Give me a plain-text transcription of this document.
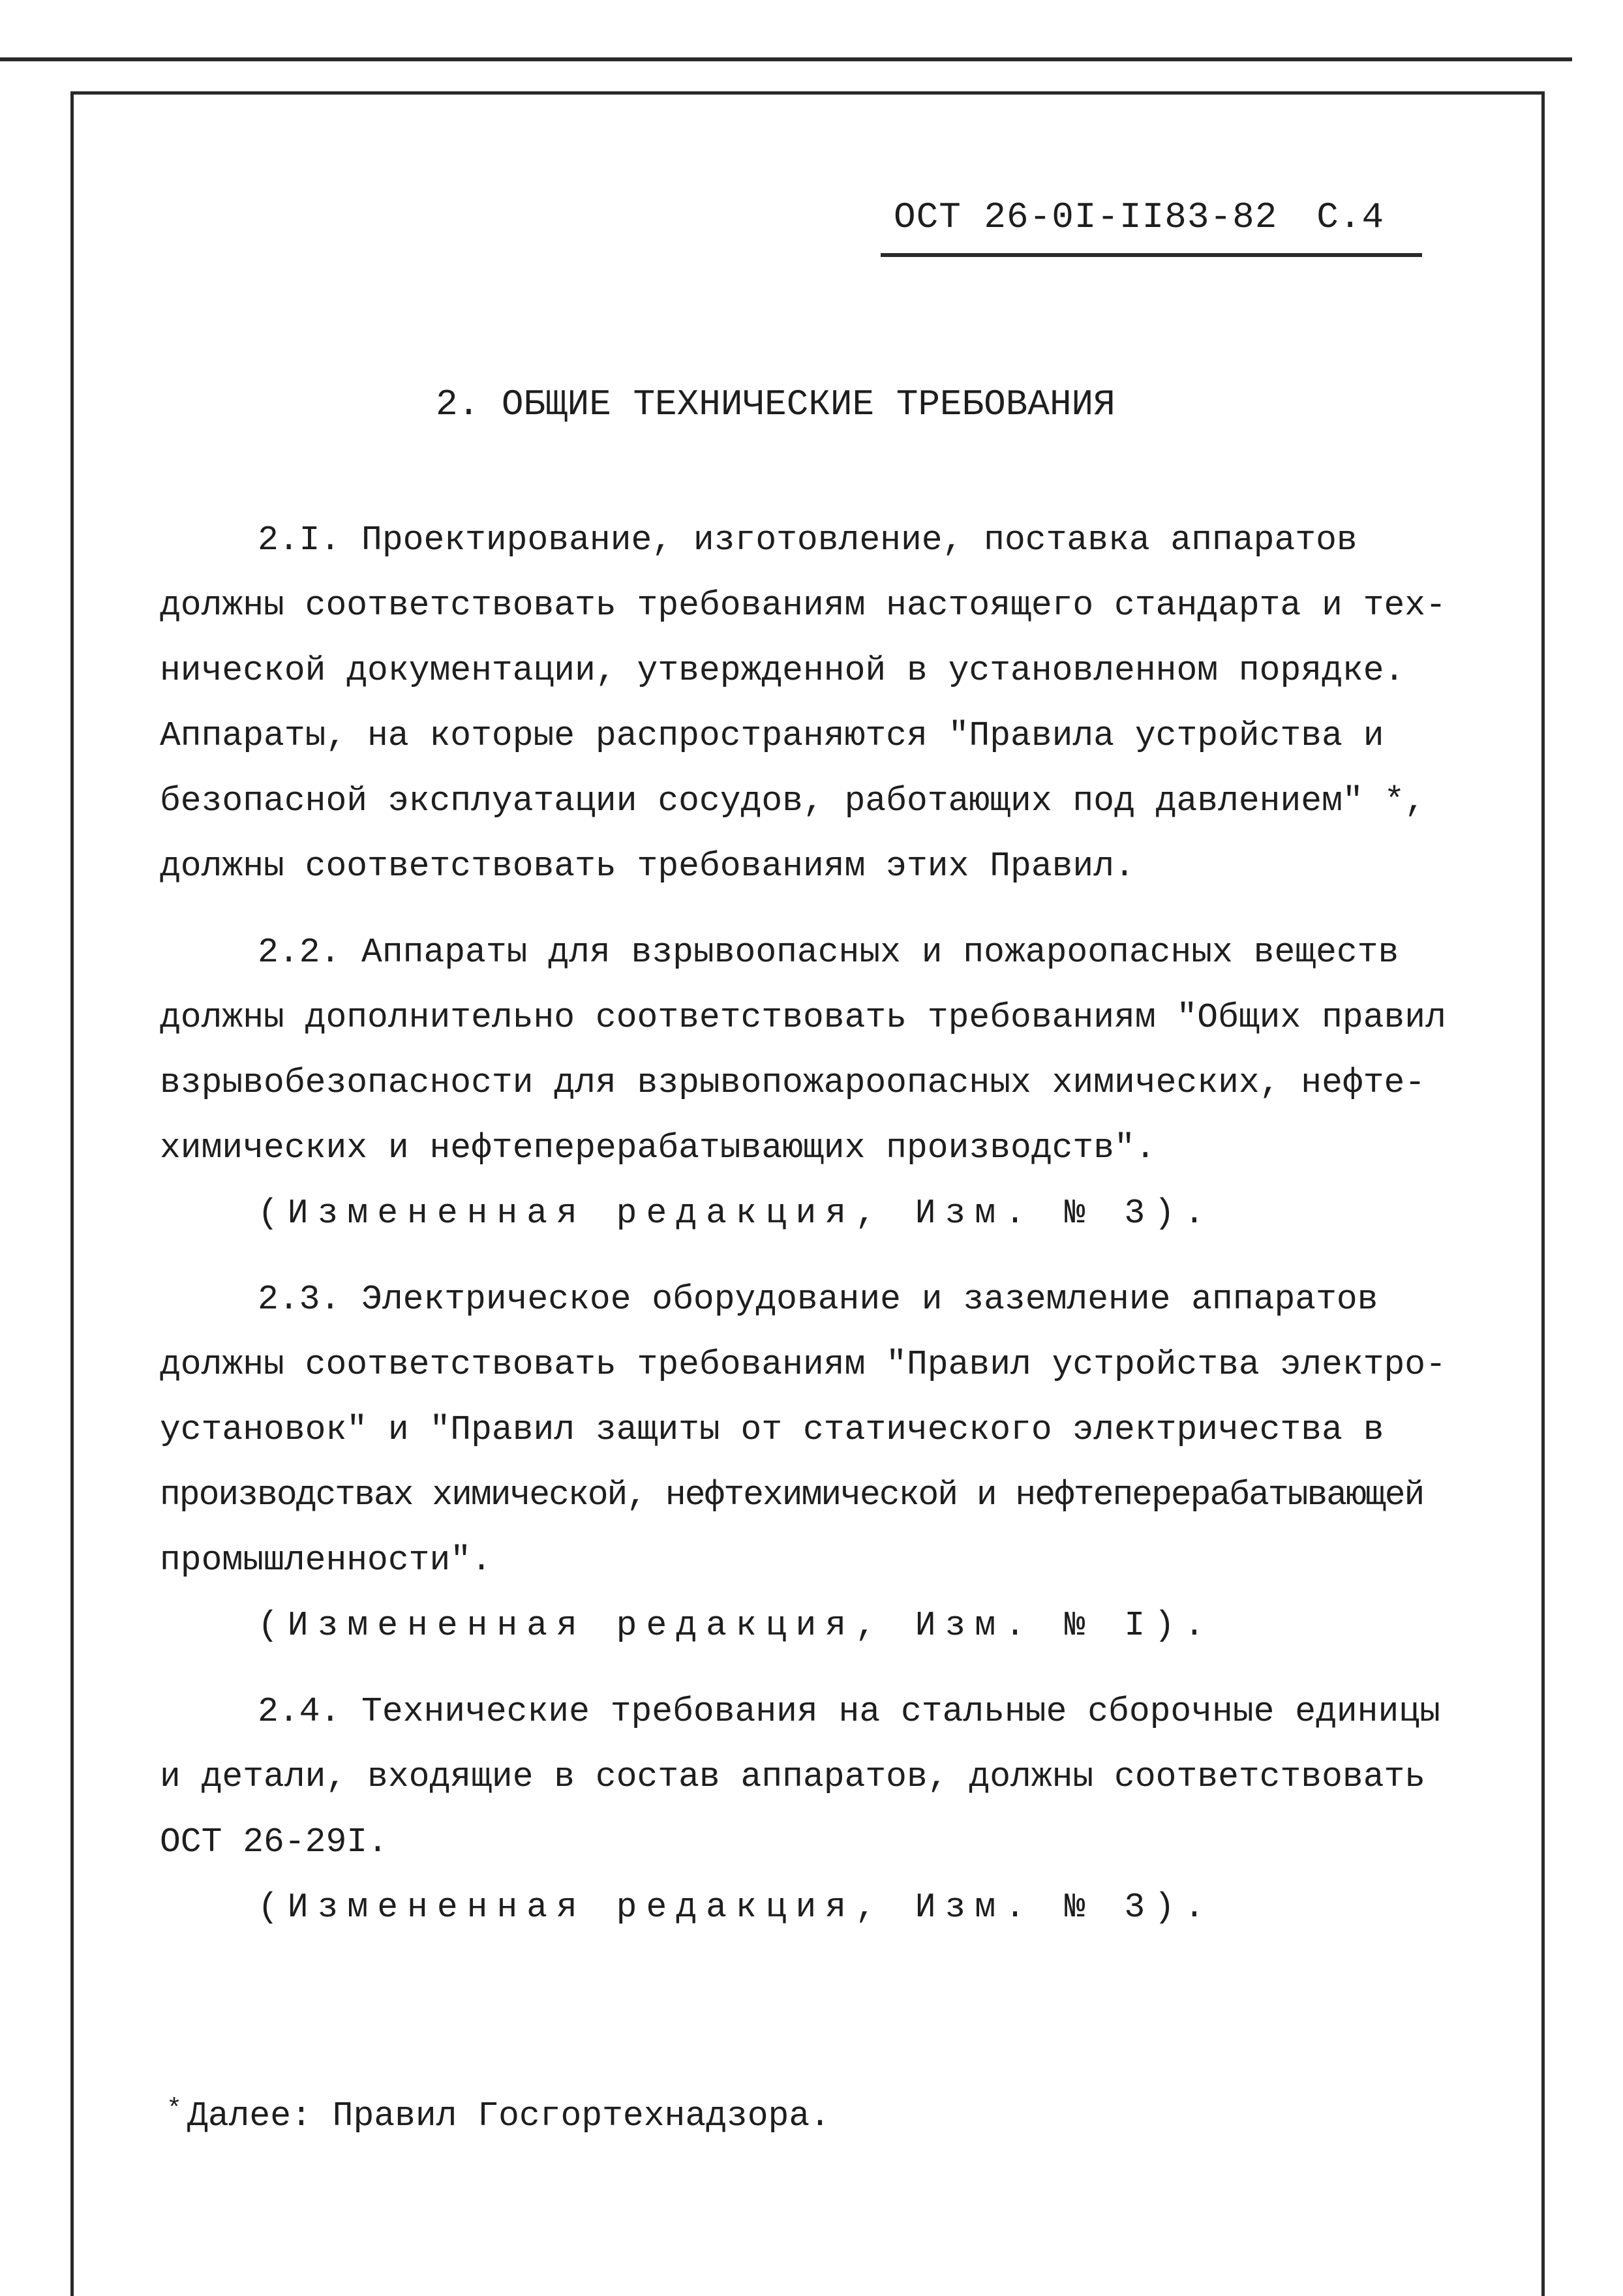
ОСТ 26-0I-II83-82 С.4
2. ОБЩИЕ ТЕХНИЧЕСКИЕ ТРЕБОВАНИЯ
2.I. Проектирование, изготовление, поставка аппаратов
должны соответствовать требованиям настоящего стандарта и тех-
нической документации, утвержденной в установленном порядке.
Аппараты, на которые распространяются "Правила устройства и
безопасной эксплуатации сосудов, работающих под давлением" *,
должны соответствовать требованиям этих Правил.
2.2. Аппараты для взрывоопасных и пожароопасных веществ
должны дополнительно соответствовать требованиям "Общих правил
взрывобезопасности для взрывопожароопасных химических, нефте-
химических и нефтеперерабатывающих производств".
(Измененная редакция, Изм. № 3).
2.3. Электрическое оборудование и заземление аппаратов
должны соответствовать требованиям "Правил устройства электро-
установок" и "Правил защиты от статического электричества в
производствах химической, нефтехимической и нефтеперерабатывающей
промышленности".
(Измененная редакция, Изм. № I).
2.4. Технические требования на стальные сборочные единицы
и детали, входящие в состав аппаратов, должны соответствовать
ОСТ 26-29I.
(Измененная редакция, Изм. № 3).
* Далее: Правил Госгортехнадзора.
